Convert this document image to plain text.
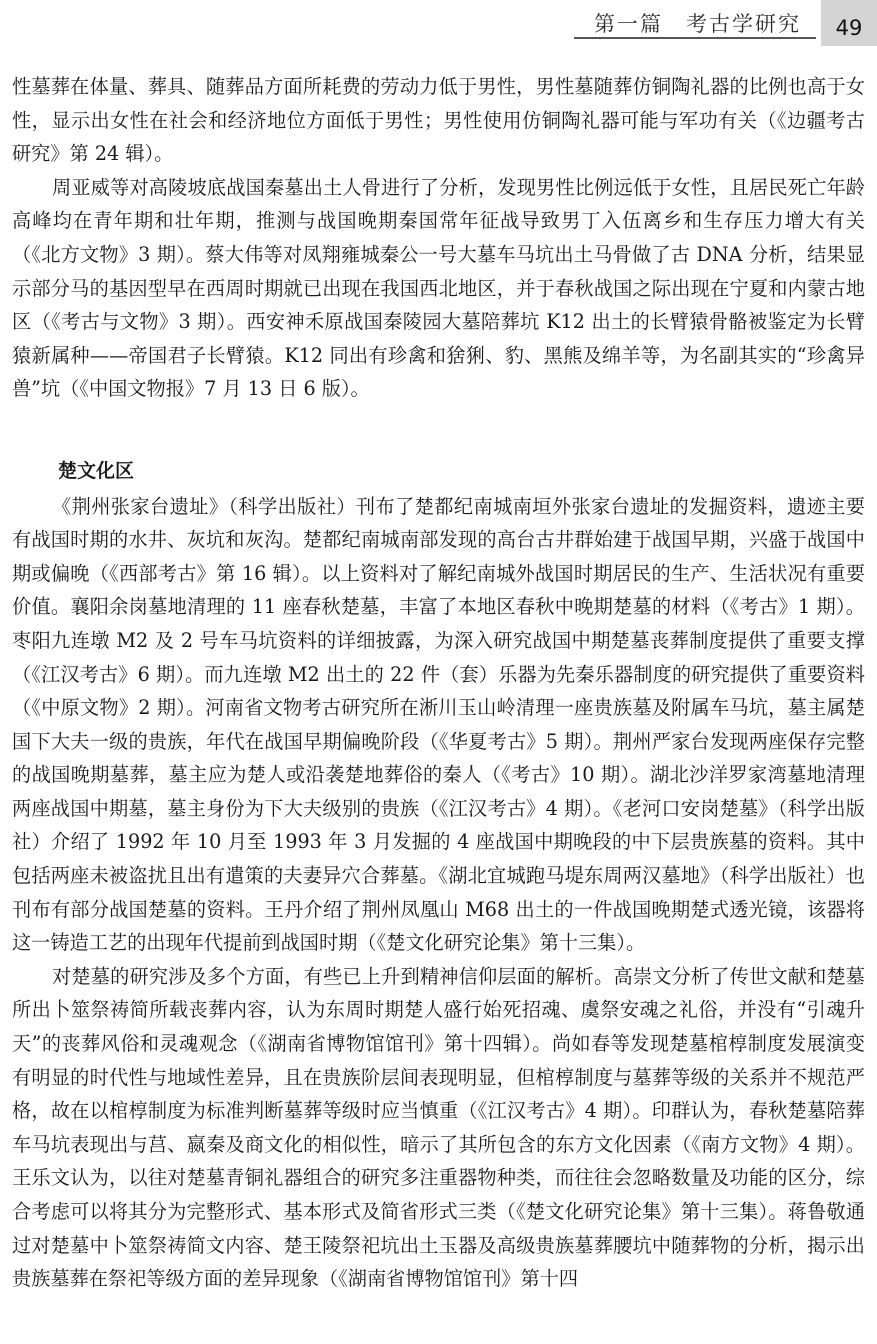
第一篇　考古学研究 49

性墓葬在体量、葬具、随葬品方面所耗费的劳动力低于男性，男性墓随葬仿铜陶礼器的比例也高于女性，显示出女性在社会和经济地位方面低于男性；男性使用仿铜陶礼器可能与军功有关（《边疆考古研究》第 24 辑）。

周亚威等对高陵坡底战国秦墓出土人骨进行了分析，发现男性比例远低于女性，且居民死亡年龄高峰均在青年期和壮年期，推测与战国晚期秦国常年征战导致男丁入伍离乡和生存压力增大有关（《北方文物》3 期）。蔡大伟等对凤翔雍城秦公一号大墓车马坑出土马骨做了古 DNA 分析，结果显示部分马的基因型早在西周时期就已出现在我国西北地区，并于春秋战国之际出现在宁夏和内蒙古地区（《考古与文物》3 期）。西安神禾原战国秦陵园大墓陪葬坑 K12 出土的长臂猿骨骼被鉴定为长臂猿新属种——帝国君子长臂猿。K12 同出有珍禽和猞猁、豹、黑熊及绵羊等，为名副其实的“珍禽异兽”坑（《中国文物报》7 月 13 日 6 版）。

楚文化区

《荆州张家台遗址》（科学出版社）刊布了楚都纪南城南垣外张家台遗址的发掘资料，遗迹主要有战国时期的水井、灰坑和灰沟。楚都纪南城南部发现的高台古井群始建于战国早期，兴盛于战国中期或偏晚（《西部考古》第 16 辑）。以上资料对了解纪南城外战国时期居民的生产、生活状况有重要价值。襄阳余岗墓地清理的 11 座春秋楚墓，丰富了本地区春秋中晚期楚墓的材料（《考古》1 期）。枣阳九连墩 M2 及 2 号车马坑资料的详细披露，为深入研究战国中期楚墓丧葬制度提供了重要支撑（《江汉考古》6 期）。而九连墩 M2 出土的 22 件（套）乐器为先秦乐器制度的研究提供了重要资料（《中原文物》2 期）。河南省文物考古研究所在淅川玉山岭清理一座贵族墓及附属车马坑，墓主属楚国下大夫一级的贵族，年代在战国早期偏晚阶段（《华夏考古》5 期）。荆州严家台发现两座保存完整的战国晚期墓葬，墓主应为楚人或沿袭楚地葬俗的秦人（《考古》10 期）。湖北沙洋罗家湾墓地清理两座战国中期墓，墓主身份为下大夫级别的贵族（《江汉考古》4 期）。《老河口安岗楚墓》（科学出版社）介绍了 1992 年 10 月至 1993 年 3 月发掘的 4 座战国中期晚段的中下层贵族墓的资料。其中包括两座未被盗扰且出有遣策的夫妻异穴合葬墓。《湖北宜城跑马堤东周两汉墓地》（科学出版社）也刊布有部分战国楚墓的资料。王丹介绍了荆州凤凰山 M68 出土的一件战国晚期楚式透光镜，该器将这一铸造工艺的出现年代提前到战国时期（《楚文化研究论集》第十三集）。

对楚墓的研究涉及多个方面，有些已上升到精神信仰层面的解析。高崇文分析了传世文献和楚墓所出卜筮祭祷简所载丧葬内容，认为东周时期楚人盛行始死招魂、虞祭安魂之礼俗，并没有“引魂升天”的丧葬风俗和灵魂观念（《湖南省博物馆馆刊》第十四辑）。尚如春等发现楚墓棺椁制度发展演变有明显的时代性与地域性差异，且在贵族阶层间表现明显，但棺椁制度与墓葬等级的关系并不规范严格，故在以棺椁制度为标准判断墓葬等级时应当慎重（《江汉考古》4 期）。印群认为，春秋楚墓陪葬车马坑表现出与莒、嬴秦及商文化的相似性，暗示了其所包含的东方文化因素（《南方文物》4 期）。王乐文认为，以往对楚墓青铜礼器组合的研究多注重器物种类，而往往会忽略数量及功能的区分，综合考虑可以将其分为完整形式、基本形式及简省形式三类（《楚文化研究论集》第十三集）。蒋鲁敬通过对楚墓中卜筮祭祷简文内容、楚王陵祭祀坑出土玉器及高级贵族墓葬腰坑中随葬物的分析，揭示出贵族墓葬在祭祀等级方面的差异现象（《湖南省博物馆馆刊》第十四
